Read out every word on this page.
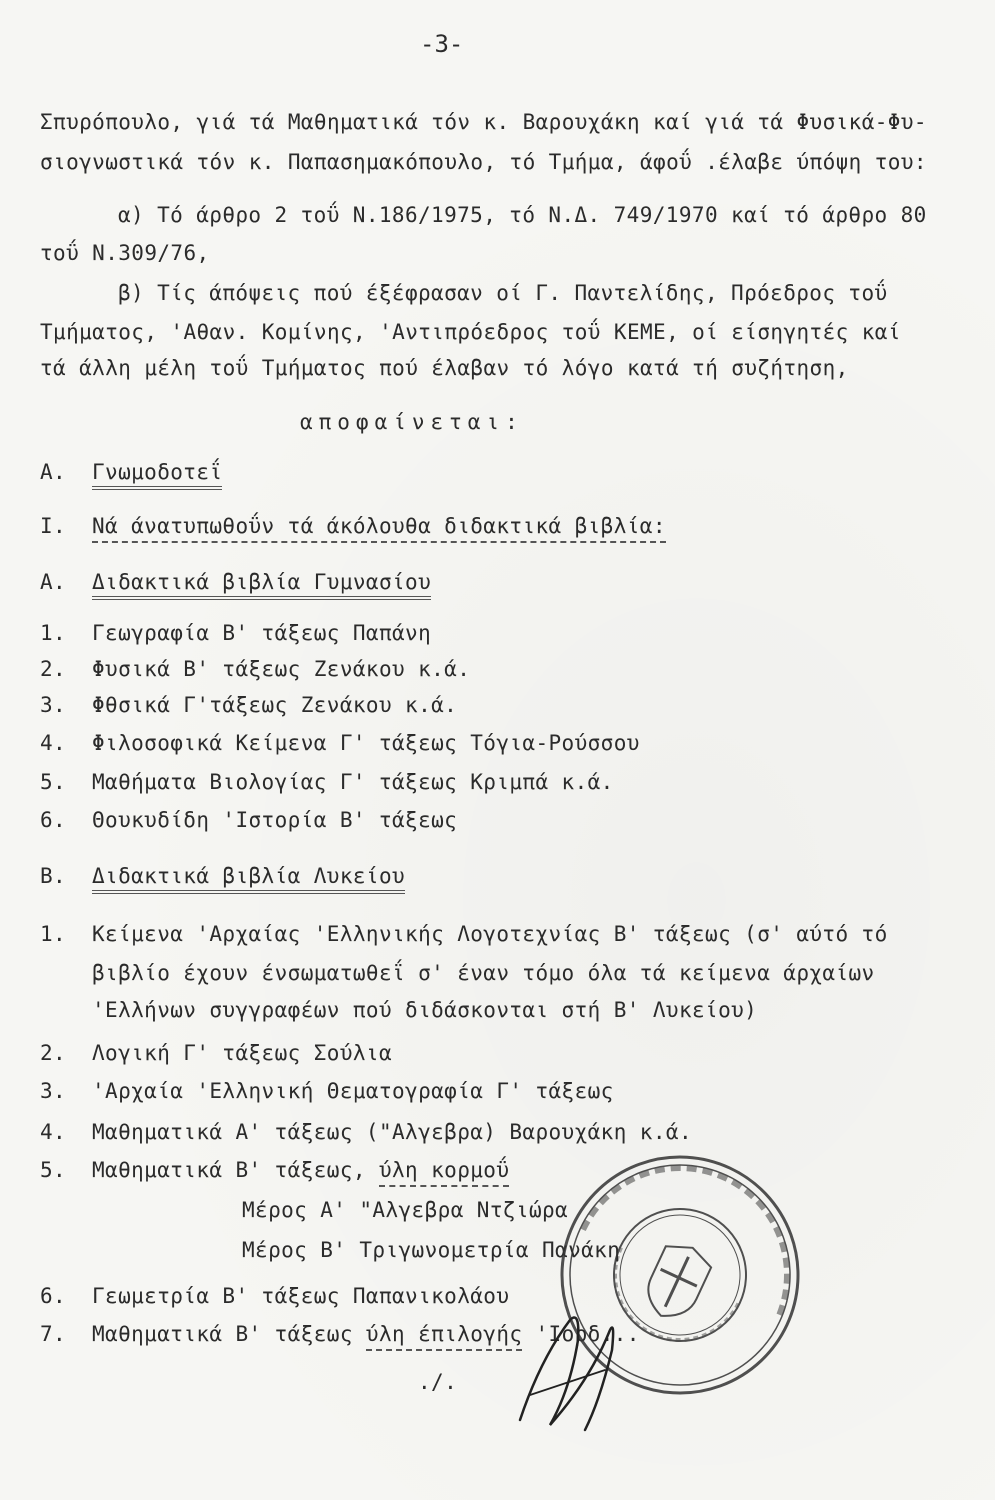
-3-
Σπυρόπουλο, γιά τά Μαθηματικά τόν κ. Βαρουχάκη καί γιά τά Φυσικά-Φυ-
σιογνωστικά τόν κ. Παπασημακόπουλο, τό Τμήμα, άφοΰ .έλαβε ύπόψη του:
α) Τό άρθρο 2 τοΰ Ν.186/1975, τό Ν.Δ. 749/1970 καί τό άρθρο 80
τοΰ Ν.309/76,
β) Τίς άπόψεις πού έξέφρασαν οί Γ. Παντελίδης, Πρόεδρος τοΰ
Τμήματος, 'Αθαν. Κομίνης, 'Αντιπρόεδρος τοΰ ΚΕΜΕ, οί είσηγητές καί
τά άλλη μέλη τοΰ Τμήματος πού έλαβαν τό λόγο κατά τή συζήτηση,
αποφαίνεται:
Α. Γνωμοδοτεΐ
Ι. Νά άνατυπωθοΰν τά άκόλουθα διδακτικά βιβλία:
Α. Διδακτικά βιβλία Γυμνασίου
1. Γεωγραφία Β' τάξεως Παπάνη
2. Φυσικά Β' τάξεως Ζενάκου κ.ά.
3. Φθσικά Γ'τάξεως Ζενάκου κ.ά.
4. Φιλοσοφικά Κείμενα Γ' τάξεως Τόγια-Ρούσσου
5. Μαθήματα Βιολογίας Γ' τάξεως Κριμπά κ.ά.
6. Θουκυδίδη 'Ιστορία Β' τάξεως
Β. Διδακτικά βιβλία Λυκείου
1. Κείμενα 'Αρχαίας 'Ελληνικής Λογοτεχνίας Β' τάξεως (σ' αύτό τό
βιβλίο έχουν ένσωματωθεΐ σ' έναν τόμο όλα τά κείμενα άρχαίων
'Ελλήνων συγγραφέων πού διδάσκονται στή Β' Λυκείου)
2. Λογική Γ' τάξεως Σούλια
3. 'Αρχαία 'Ελληνική Θεματογραφία Γ' τάξεως
4. Μαθηματικά Α' τάξεως ("Αλγεβρα) Βαρουχάκη κ.ά.
5. Μαθηματικά Β' τάξεως, ύλη κορμοΰ
Μέρος Α' "Αλγεβρα Ντζιώρα
Μέρος Β' Τριγωνομετρία Πανάκη
6. Γεωμετρία Β' τάξεως Παπανικολάου
7. Μαθηματικά Β' τάξεως ύλη έπιλογής 'Ιορδ...
./.
